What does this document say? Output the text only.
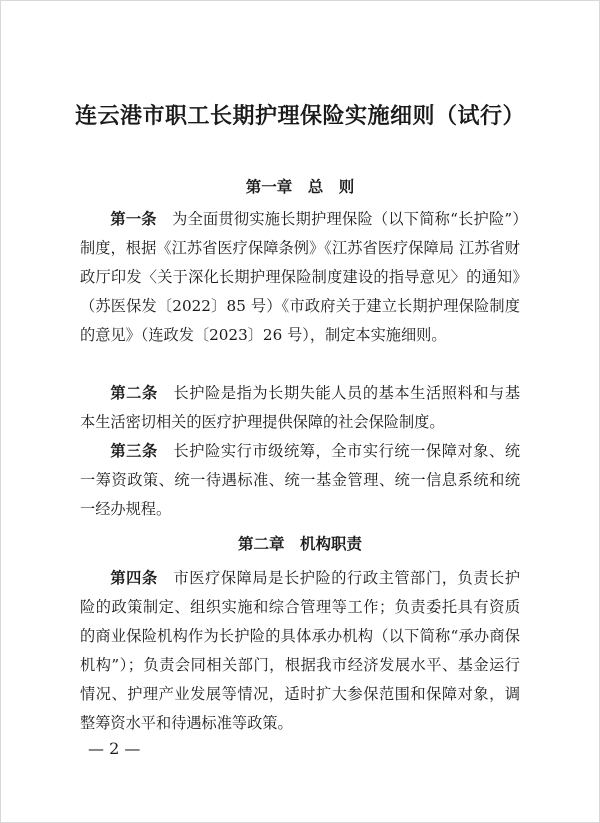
连云港市职工长期护理保险实施细则（试行）
第一章　总　则

第一条　 为全面贯彻实施长期护理保险（以下简称“长护险”）制度，根据《江苏省医疗保障条例》《江苏省医疗保障局 江苏省财政厅印发〈关于深化长期护理保险制度建设的指导意见〉的通知》（苏医保发〔2022〕85 号）《市政府关于建立长期护理保险制度的意见》（连政发〔2023〕26 号），制定本实施细则。

第二条　 长护险是指为长期失能人员的基本生活照料和与基本生活密切相关的医疗护理提供保障的社会保险制度。

第三条　 长护险实行市级统筹，全市实行统一保障对象、统一筹资政策、统一待遇标准、统一基金管理、统一信息系统和统一经办规程。

第二章　机构职责

第四条　 市医疗保障局是长护险的行政主管部门，负责长护险的政策制定、组织实施和综合管理等工作；负责委托具有资质的商业保险机构作为长护险的具体承办机构（以下简称“承办商保机构”）；负责会同相关部门，根据我市经济发展水平、基金运行情况、护理产业发展等情况，适时扩大参保范围和保障对象，调整筹资水平和待遇标准等政策。

— 2 —
